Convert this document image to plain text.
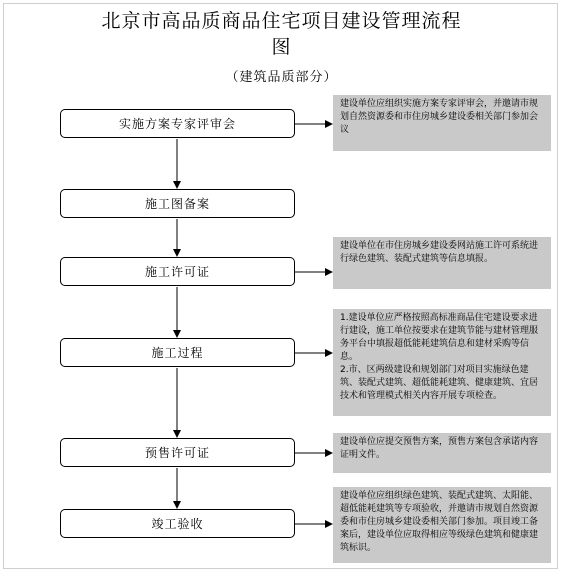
北京市高品质商品住宅项目建设管理流程
图
（建筑品质部分）
实施方案专家评审会
施工图备案
施工许可证
施工过程
预售许可证
竣工验收
建设单位应组织实施方案专家评审会，并邀请市规划自然资源委和市住房城乡建设委相关部门参加会议
建设单位在市住房城乡建设委网站施工许可系统进行绿色建筑、装配式建筑等信息填报。
1.建设单位应严格按照高标准商品住宅建设要求进行建设，施工单位按要求在建筑节能与建材管理服务平台中填报超低能耗建筑信息和建材采购等信息。
2.市、区两级建设和规划部门对项目实施绿色建筑、装配式建筑、超低能耗建筑、健康建筑、宜居技术和管理模式相关内容开展专项检查。
建设单位应提交预售方案，预售方案包含承诺内容证明文件。
建设单位应组织绿色建筑、装配式建筑、太阳能、超低能耗建筑等专项验收，并邀请市规划自然资源委和市住房城乡建设委相关部门参加。项目竣工备案后，建设单位应取得相应等级绿色建筑和健康建筑标识。
